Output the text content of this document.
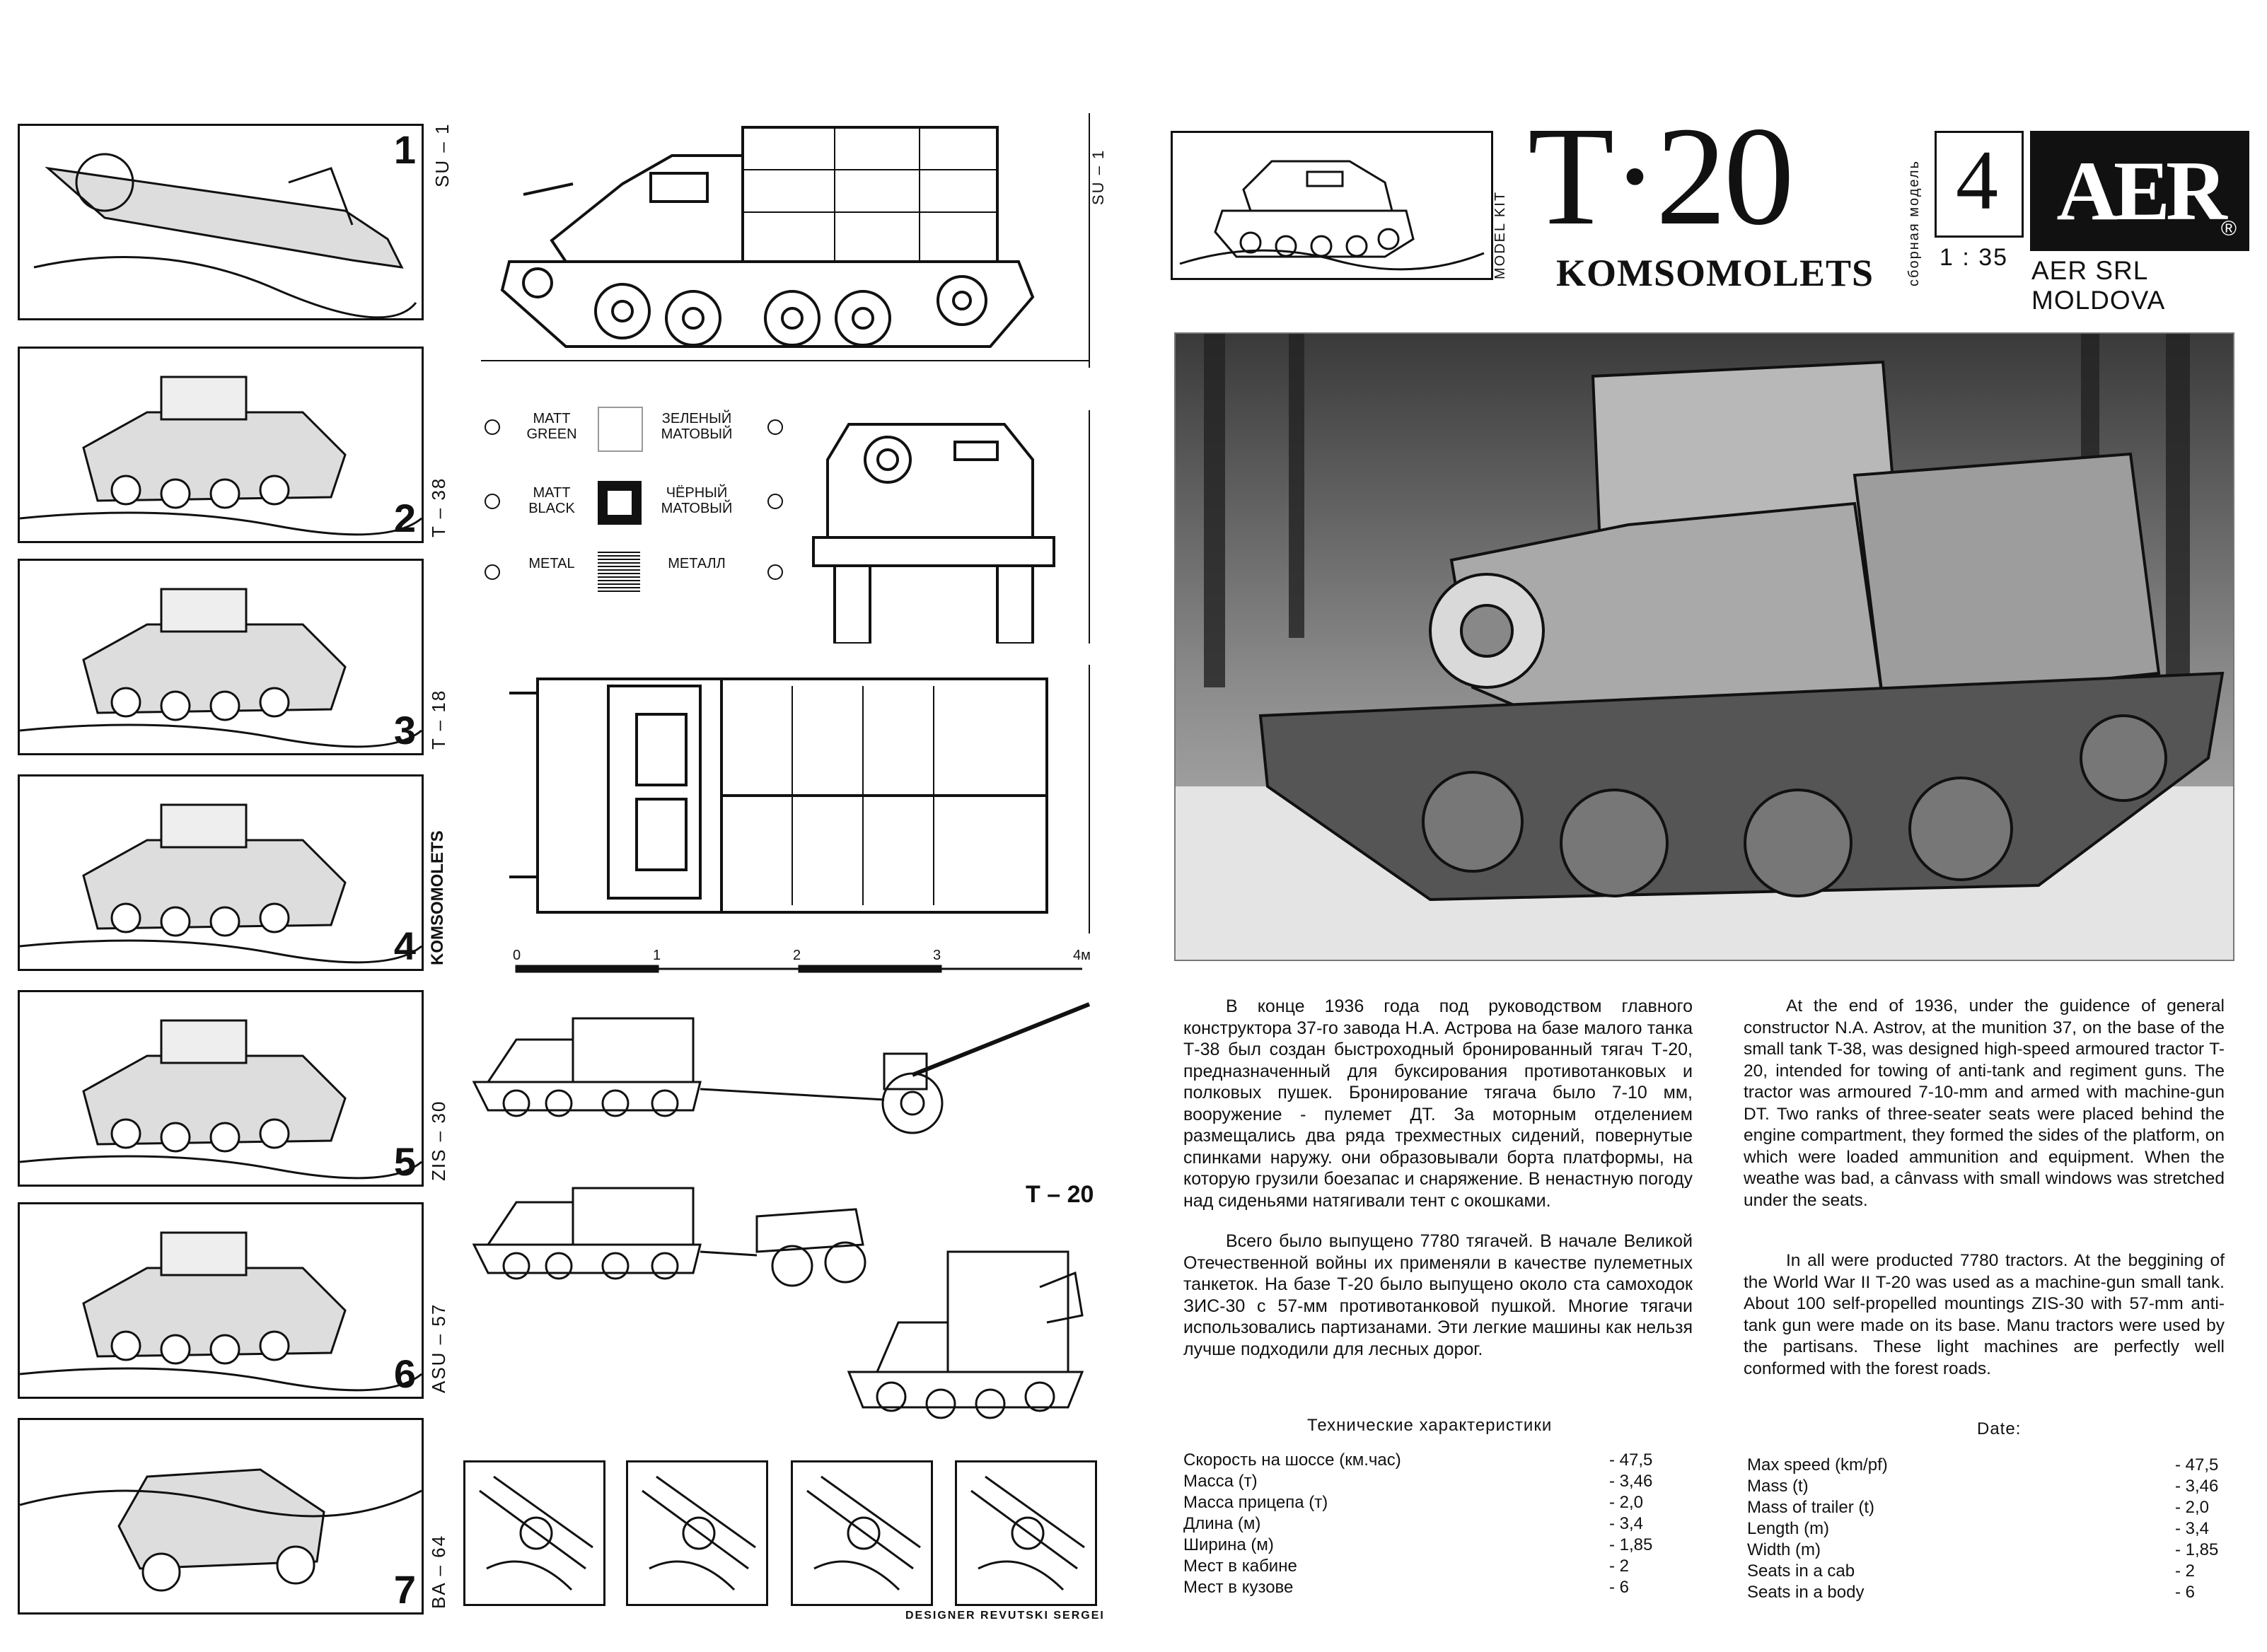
1 SU – 1
2 T – 38
3 T – 18
4 KOMSOMOLETS
5 ZIS – 30
6 ASU – 57
7 BA – 64
SU – 1
MATT
GREEN
ЗЕЛЕНЫЙ
МАТОВЫЙ
MATT
BLACK
ЧЁРНЫЙ
МАТОВЫЙ
METAL	МЕТАЛЛ
0	1	2	3	4м
T – 20
DESIGNER REVUTSKI SERGEI
MODEL KIT T·20
KOMSOMOLETS сборная модель 4
1 : 35
AER
®
AER SRL MOLDOVA
В конце 1936 года под руководством главного конструктора 37-го завода Н.А. Астрова на базе малого танка Т-38 был создан быстроходный бронированный тягач Т-20, предназначенный для буксирования противотанковых и полковых пушек. Бронирование тягача было 7-10 мм, вооружение - пулемет ДТ. За моторным отделением размещались два ряда трехместных сидений, повернутые спинками наружу. они образовывали борта платформы, на которую грузили боезапас и снаряжение. В ненастную погоду над сиденьями натягивали тент с окошками.
Всего было выпущено 7780 тягачей. В начале Великой Отечественной войны их применяли в качестве пулеметных танкеток. На базе Т-20 было выпущено около ста самоходок ЗИС-30 с 57-мм противотанковой пушкой. Многие тягачи использовались партизанами. Эти легкие машины как нельзя лучше подходили для лесных дорог.
At the end of 1936, under the guidence of general constructor N.A. Astrov, at the munition 37, on the base of the small tank T-38, was designed high-speed armoured tractor T-20, intended for towing of anti-tank and regiment guns. The tractor was armoured 7-10-mm and armed with machine-gun DT. Two ranks of three-seater seats were placed behind the engine compartment, they formed the sides of the platform, on which were loaded ammunition and equipment. When the weathe was bad, a cânvass with small windows was stretched under the seats.
In all were producted 7780 tractors. At the beggining of the World War II T-20 was used as a machine-gun small tank. About 100 self-propelled mountings ZIS-30 with 57-mm anti-tank gun were made on its base. Manu tractors were used by the partisans. These light machines are perfectly well conformed with the forest roads.
Технические характеристики
Скорость на шоссе (км.час)	- 47,5
Масса (т)	- 3,46
Масса прицепа (т)	- 2,0
Длина (м)	- 3,4
Ширина (м)	- 1,85
Мест в кабине	- 2
Мест в кузове	- 6
Date:
Max speed (km/pf)	- 47,5
Mass (t)	- 3,46
Mass of trailer (t)	- 2,0
Length (m)	- 3,4
Width (m)	- 1,85
Seats in a cab	- 2
Seats in a body	- 6
